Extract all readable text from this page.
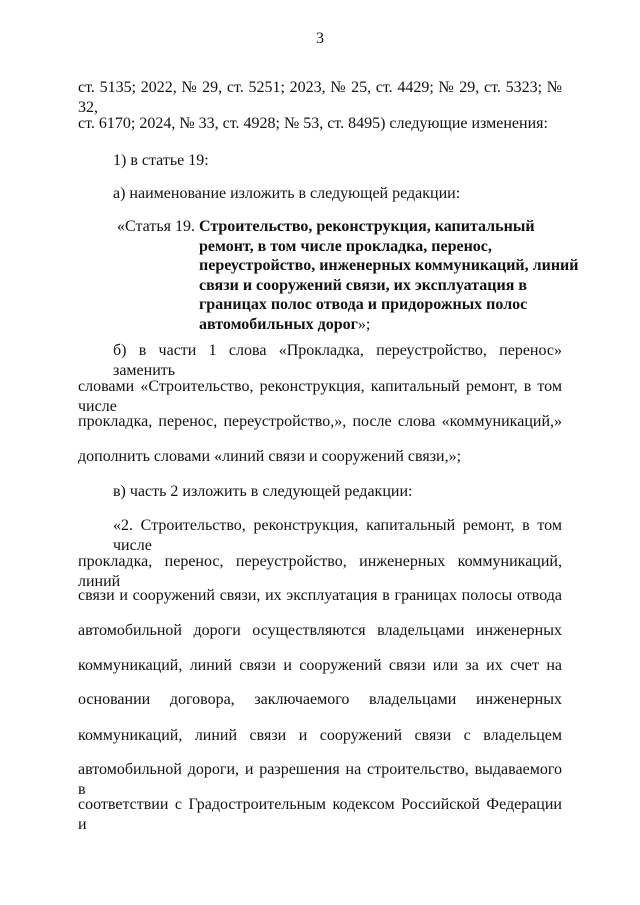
3
ст. 5135; 2022, № 29, ст. 5251; 2023, № 25, ст. 4429; № 29, ст. 5323; № 32,
ст. 6170; 2024, № 33, ст. 4928; № 53, ст. 8495) следующие изменения:
1) в статье 19:
а) наименование изложить в следующей редакции:
«Статья 19. Строительство, реконструкция, капитальный
ремонт, в том числе прокладка, перенос,
переустройство, инженерных коммуникаций, линий
связи и сооружений связи, их эксплуатация в
границах полос отвода и придорожных полос
автомобильных дорог»;
б) в части 1 слова «Прокладка, переустройство, перенос» заменить
словами «Строительство, реконструкция, капитальный ремонт, в том числе
прокладка, перенос, переустройство,», после слова «коммуникаций,»
дополнить словами «линий связи и сооружений связи,»;
в) часть 2 изложить в следующей редакции:
«2. Строительство, реконструкция, капитальный ремонт, в том числе
прокладка, перенос, переустройство, инженерных коммуникаций, линий
связи и сооружений связи, их эксплуатация в границах полосы отвода
автомобильной дороги осуществляются владельцами инженерных
коммуникаций, линий связи и сооружений связи или за их счет на
основании договора, заключаемого владельцами инженерных
коммуникаций, линий связи и сооружений связи с владельцем
автомобильной дороги, и разрешения на строительство, выдаваемого в
соответствии с Градостроительным кодексом Российской Федерации и
